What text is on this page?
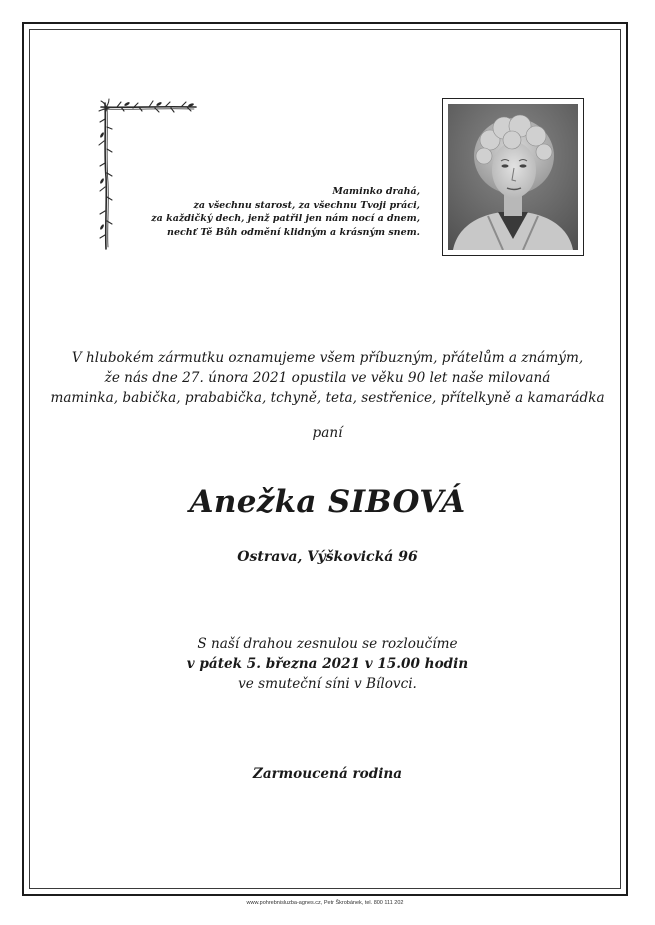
Maminko drahá,
za všechnu starost, za všechnu Tvoji práci,
za každičký dech, jenž patřil jen nám nocí a dnem,
nechť Tě Bůh odmění klidným a krásným snem.
V hlubokém zármutku oznamujeme všem příbuzným, přátelům a známým,
že nás dne 27. února 2021 opustila ve věku 90 let naše milovaná
maminka, babička, prababička, tchyně, teta, sestřenice, přítelkyně a kamarádka
paní
Anežka SIBOVÁ
Ostrava, Výškovická 96
S naší drahou zesnulou se rozloučíme
v pátek 5. března 2021 v 15.00 hodin
ve smuteční síni v Bílovci.
Zarmoucená rodina
www.pohrebnisluzba-agnes.cz, Petr Škrobánek, tel. 800 111 202
